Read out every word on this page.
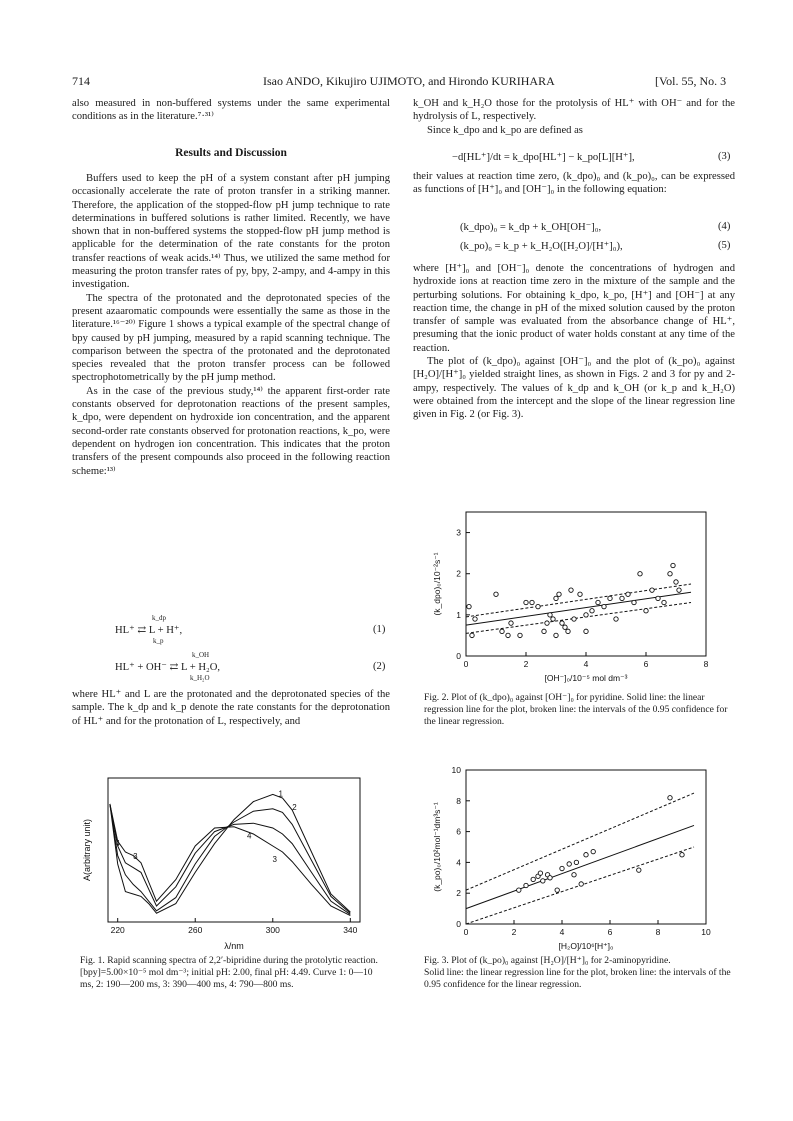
714	Isao ANDO, Kikujiro UJIMOTO, and Hirondo KURIHARA	[Vol. 55, No. 3

also measured in non-buffered systems under the same experimental conditions as in the literature.⁷·³¹⁾

Results and Discussion

Buffers used to keep the pH of a system constant after pH jumping occasionally accelerate the rate of proton transfer in a striking manner. Therefore, the application of the stopped-flow pH jump technique to rate determinations in buffered solutions is rather limited. Recently, we have shown that in non-buffered systems the stopped-flow pH jump method is applicable for the determination of the rate constants for the proton transfer reactions of weak acids.¹⁴⁾ Thus, we utilized the same method for measuring the proton transfer rates of py, bpy, 2-ampy, and 4-ampy in this investigation.

The spectra of the protonated and the deprotonated species of the present azaaromatic compounds were essentially the same as those in the literature.¹⁶⁻²⁰⁾ Figure 1 shows a typical example of the spectral change of bpy caused by pH jumping, measured by a rapid scanning technique. The comparison between the spectra of the protonated and the deprotonated species revealed that the proton transfer process can be followed spectrophotometrically by the pH jump method.

As in the case of the previous study,¹⁴⁾ the apparent first-order rate constants observed for deprotonation reactions of the present samples, k_dpo, were dependent on hydroxide ion concentration, and the apparent second-order rate constants observed for protonation reactions, k_po, were dependent on hydrogen ion concentration. This indicates that the proton transfers of the present compounds also proceed in the following reaction scheme:¹³⁾

HL⁺ ⇄ L + H⁺,
k_dp
k_p
(1)
HL⁺ + OH⁻ ⇄ L + H₂O,
k_OH
k_H₂O
(2)

where HL⁺ and L are the protonated and the deprotonated species of the sample. The k_dp and k_p denote the rate constants for the deprotonation of HL⁺ and for the protonation of L, respectively, and

k_OH and k_H₂O those for the protolysis of HL⁺ with OH⁻ and for the hydrolysis of L, respectively.

Since k_dpo and k_po are defined as

−d[HL⁺]/dt = k_dpo[HL⁺] − k_po[L][H⁺],	(3)

their values at reaction time zero, (k_dpo)₀ and (k_po)₀, can be expressed as functions of [H⁺]₀ and [OH⁻]₀ in the following equation:

(k_dpo)₀ = k_dp + k_OH[OH⁻]₀,	(4)
(k_po)₀ = k_p + k_H₂O([H₂O]/[H⁺]₀),	(5)

where [H⁺]₀ and [OH⁻]₀ denote the concentrations of hydrogen and hydroxide ions at reaction time zero in the mixture of the sample and the perturbing solutions. For obtaining k_dpo, k_po, [H⁺] and [OH⁻] at any reaction time, the change in pH of the mixed solution caused by the proton transfer of sample was evaluated from the absorbance change of HL⁺, presuming that the ionic product of water holds constant at any time of the reaction.

The plot of (k_dpo)₀ against [OH⁻]₀ and the plot of (k_po)₀ against [H₂O]/[H⁺]₀ yielded straight lines, as shown in Figs. 2 and 3 for py and 2-ampy, respectively. The values of k_dp and k_OH (or k_p and k_H₂O) were obtained from the intercept and the slope of the linear regression line given in Fig. 2 (or Fig. 3).

220	260	300	340
λ/nm
A(arbitrary unit)
1
2
3	3
4
4
Fig. 1. Rapid scanning spectra of 2,2′-bipridine during the protolytic reaction.
[bpy]=5.00×10⁻⁵ mol dm⁻³; initial pH: 2.00, final pH: 4.49. Curve 1: 0—10 ms, 2: 190—200 ms, 3: 390—400 ms, 4: 790—800 ms.
0	2	4	6	8
0
1
2
3
[OH⁻]₀/10⁻⁵ mol dm⁻³
(k_dpo)₀/10⁻²s⁻¹
Fig. 2. Plot of (k_dpo)₀ against [OH⁻]₀ for pyridine. Solid line: the linear regression line for the plot, broken line: the intervals of the 0.95 confidence for the linear regression.
0	2	4	6	8	10
0
2
4
6
8
10
[H₂O]/10⁶[H⁺]₀
(k_po)₀/10²mol⁻¹dm³s⁻¹
Fig. 3. Plot of (k_po)₀ against [H₂O]/[H⁺]₀ for 2-aminopyridine.
Solid line: the linear regression line for the plot, broken line: the intervals of the 0.95 confidence for the linear regression.
